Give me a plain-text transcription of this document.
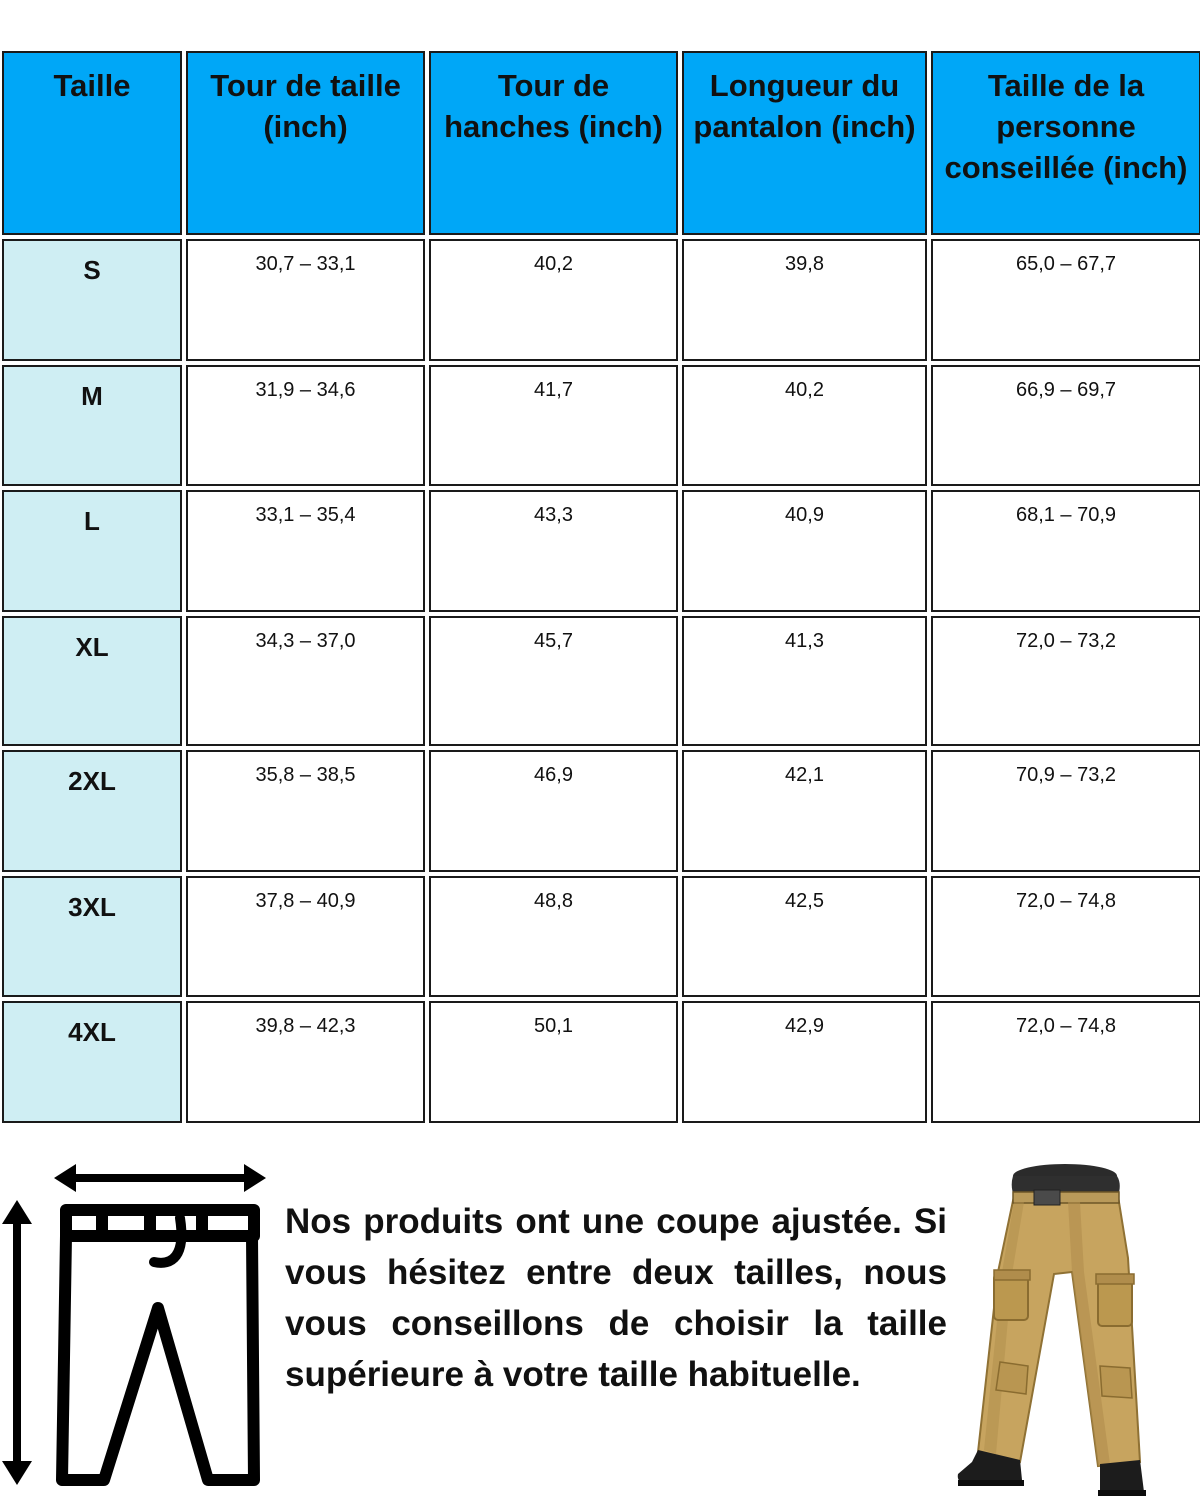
Taille	Tour de taille (inch)	Tour de hanches (inch)	Longueur du pantalon (inch)	Taille de la personne conseillée (inch)
S	30,7 – 33,1	40,2	39,8	65,0 – 67,7
M	31,9 – 34,6	41,7	40,2	66,9 – 69,7
L	33,1 – 35,4	43,3	40,9	68,1 – 70,9
XL	34,3 – 37,0	45,7	41,3	72,0 – 73,2
2XL	35,8 – 38,5	46,9	42,1	70,9 – 73,2
3XL	37,8 – 40,9	48,8	42,5	72,0 – 74,8
4XL	39,8 – 42,3	50,1	42,9	72,0 – 74,8

Nos produits ont une coupe ajustée. Si vous hésitez entre deux tailles, nous vous conseillons de choisir la taille supérieure à votre taille habituelle.
